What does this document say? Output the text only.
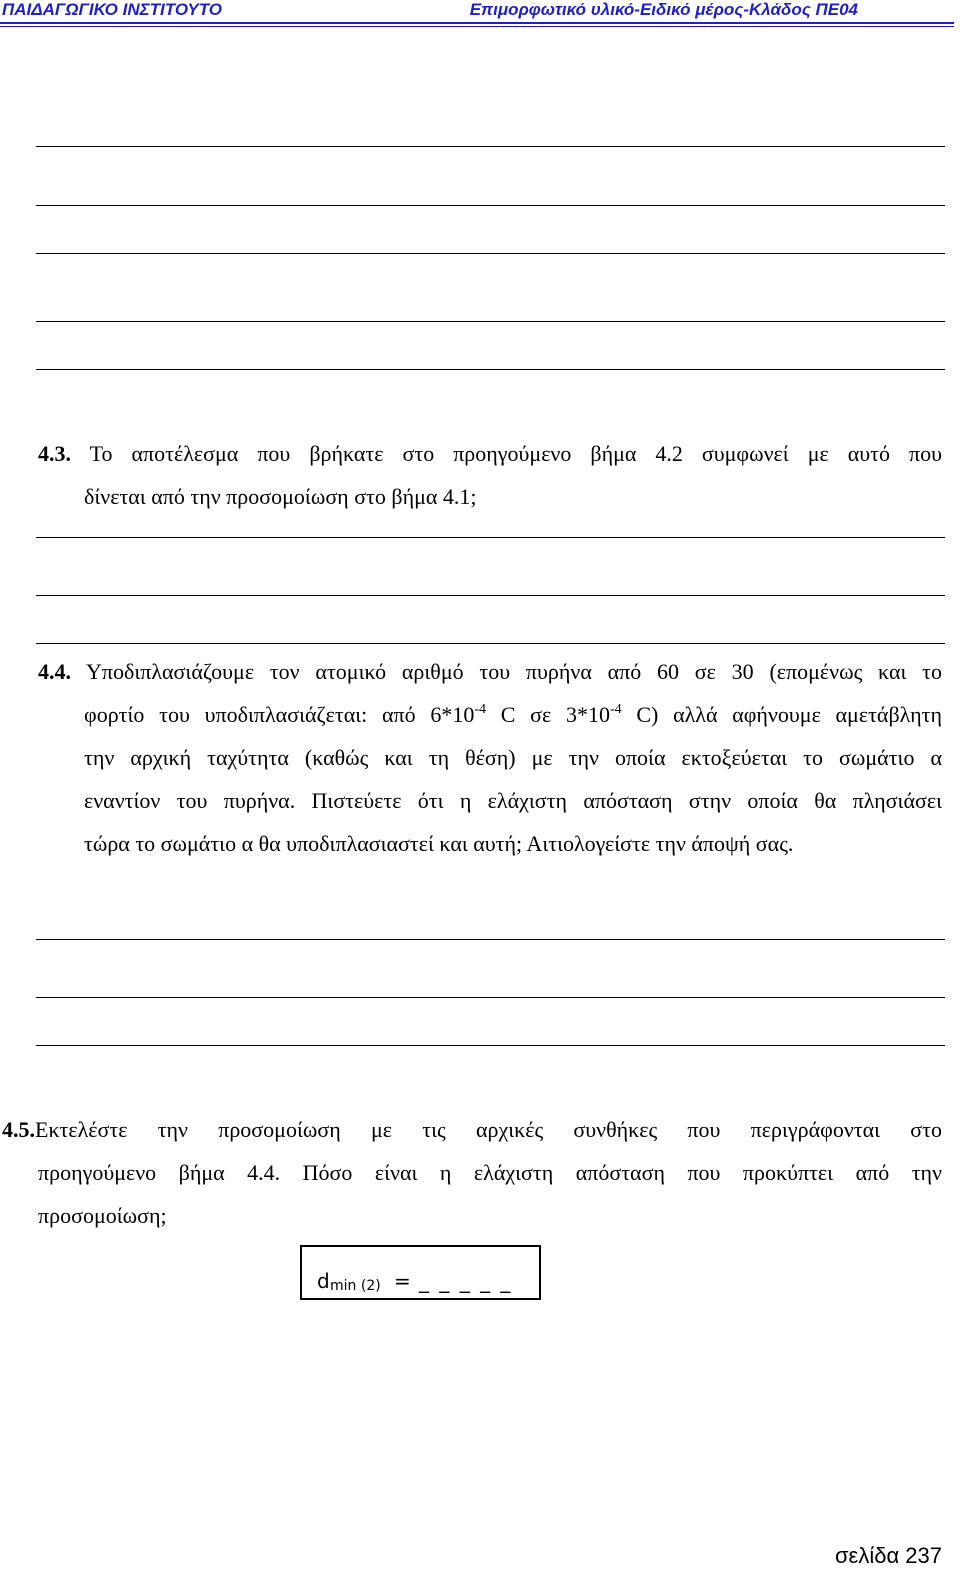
ΠΑΙΔΑΓΩΓΙΚΟ ΙΝΣΤΙΤΟΥΤΟ	Επιμορφωτικό υλικό-Ειδικό μέρος-Κλάδος ΠΕ04
4.3. Το αποτέλεσμα που βρήκατε στο προηγούμενο βήμα 4.2 συμφωνεί με αυτό που
δίνεται από την προσομοίωση στο βήμα 4.1;
4.4. Υποδιπλασιάζουμε τον ατομικό αριθμό του πυρήνα από 60 σε 30 (επομένως και το
φορτίο του υποδιπλασιάζεται: από $6*10^{-4}$ C σε $3*10^{-4}$ C) αλλά αφήνουμε αμετάβλητη
την αρχική ταχύτητα (καθώς και τη θέση) με την οποία εκτοξεύεται το σωμάτιο α
εναντίον του πυρήνα. Πιστεύετε ότι η ελάχιστη απόσταση στην οποία θα πλησιάσει
τώρα το σωμάτιο α θα υποδιπλασιαστεί και αυτή; Αιτιολογείστε την άποψή σας.
4.5.Εκτελέστε την προσομοίωση με τις αρχικές συνθήκες που περιγράφονται στο
προηγούμενο βήμα 4.4. Πόσο είναι η ελάχιστη απόσταση που προκύπτει από την
προσομοίωση;
d min (2) = _ _ _ _ _
σελίδα 237
